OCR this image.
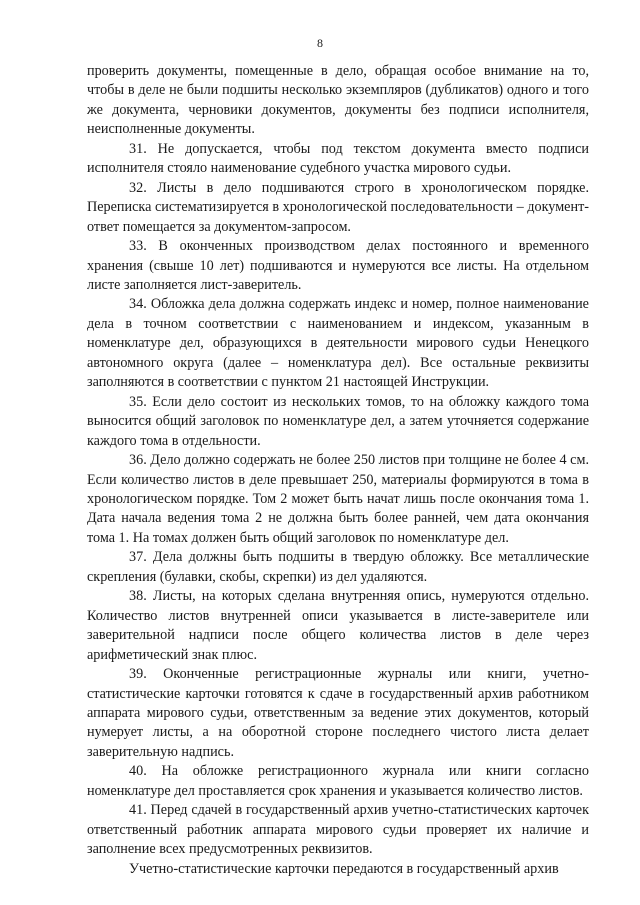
8

проверить документы, помещенные в дело, обращая особое внимание на то, чтобы в деле не были подшиты несколько экземпляров (дубликатов) одного и того же документа, черновики документов, документы без подписи исполнителя, неисполненные документы.

31. Не допускается, чтобы под текстом документа вместо подписи исполнителя стояло наименование судебного участка мирового судьи.

32. Листы в дело подшиваются строго в хронологическом порядке. Переписка систематизируется в хронологической последовательности – документ-ответ помещается за документом-запросом.

33. В оконченных производством делах постоянного и временного хранения (свыше 10 лет) подшиваются и нумеруются все листы. На отдельном листе заполняется лист-заверитель.

34. Обложка дела должна содержать индекс и номер, полное наименование дела в точном соответствии с наименованием и индексом, указанным в номенклатуре дел, образующихся в деятельности мирового судьи Ненецкого автономного округа (далее – номенклатура дел). Все остальные реквизиты заполняются в соответствии с пунктом 21 настоящей Инструкции.

35. Если дело состоит из нескольких томов, то на обложку каждого тома выносится общий заголовок по номенклатуре дел, а затем уточняется содержание каждого тома в отдельности.

36. Дело должно содержать не более 250 листов при толщине не более 4 см. Если количество листов в деле превышает 250, материалы формируются в тома в хронологическом порядке. Том 2 может быть начат лишь после окончания тома 1. Дата начала ведения тома 2 не должна быть более ранней, чем дата окончания тома 1. На томах должен быть общий заголовок по номенклатуре дел.

37. Дела должны быть подшиты в твердую обложку. Все металлические скрепления (булавки, скобы, скрепки) из дел удаляются.

38. Листы, на которых сделана внутренняя опись, нумеруются отдельно. Количество листов внутренней описи указывается в листе-заверителе или заверительной надписи после общего количества листов в деле через арифметический знак плюс.

39. Оконченные регистрационные журналы или книги, учетно-статистические карточки готовятся к сдаче в государственный архив работником аппарата мирового судьи, ответственным за ведение этих документов, который нумерует листы, а на оборотной стороне последнего чистого листа делает заверительную надпись.

40. На обложке регистрационного журнала или книги согласно номенклатуре дел проставляется срок хранения и указывается количество листов.

41. Перед сдачей в государственный архив учетно-статистических карточек ответственный работник аппарата мирового судьи проверяет их наличие и заполнение всех предусмотренных реквизитов.

Учетно-статистические карточки передаются в государственный архив
